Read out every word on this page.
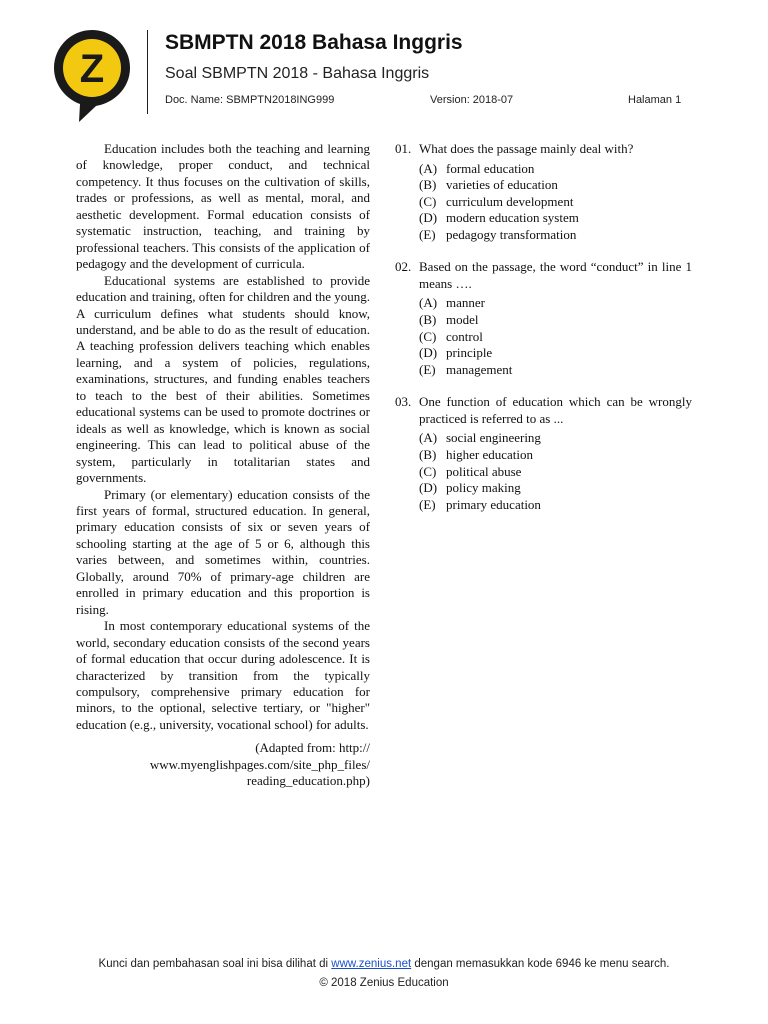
Z
SBMPTN 2018 Bahasa Inggris
Soal SBMPTN 2018 - Bahasa Inggris
Doc. Name: SBMPTN2018ING999	Version: 2018-07	Halaman 1

Education includes both the teaching and learning of knowledge, proper conduct, and technical competency. It thus focuses on the cultivation of skills, trades or professions, as well as mental, moral, and aesthetic development. Formal education consists of systematic instruction, teaching, and training by professional teachers. This consists of the application of pedagogy and the development of curricula.

Educational systems are established to provide education and training, often for children and the young. A curriculum defines what students should know, understand, and be able to do as the result of education. A teaching profession delivers teaching which enables learning, and a system of policies, regulations, examinations, structures, and funding enables teachers to teach to the best of their abilities. Sometimes educational systems can be used to promote doctrines or ideals as well as knowledge, which is known as social engineering. This can lead to political abuse of the system, particularly in totalitarian states and governments.

Primary (or elementary) education consists of the first years of formal, structured education. In general, primary education consists of six or seven years of schooling starting at the age of 5 or 6, although this varies between, and sometimes within, countries. Globally, around 70% of primary-age children are enrolled in primary education and this proportion is rising.

In most contemporary educational systems of the world, secondary education consists of the second years of formal education that occur during adolescence. It is characterized by transition from the typically compulsory, comprehensive primary education for minors, to the optional, selective tertiary, or "higher" education (e.g., university, vocational school) for adults.

(Adapted from: http://
www.myenglishpages.com/site_php_files/
reading_education.php)
01. What does the passage mainly deal with?
(A) formal education
(B) varieties of education
(C) curriculum development
(D) modern education system
(E) pedagogy transformation
02. Based on the passage, the word “conduct” in line 1 means ….
(A) manner
(B) model
(C) control
(D) principle
(E) management
03. One function of education which can be wrongly practiced is referred to as ...
(A) social engineering
(B) higher education
(C) political abuse
(D) policy making
(E) primary education
Kunci dan pembahasan soal ini bisa dilihat di www.zenius.net dengan memasukkan kode 6946 ke menu search.
© 2018 Zenius Education
